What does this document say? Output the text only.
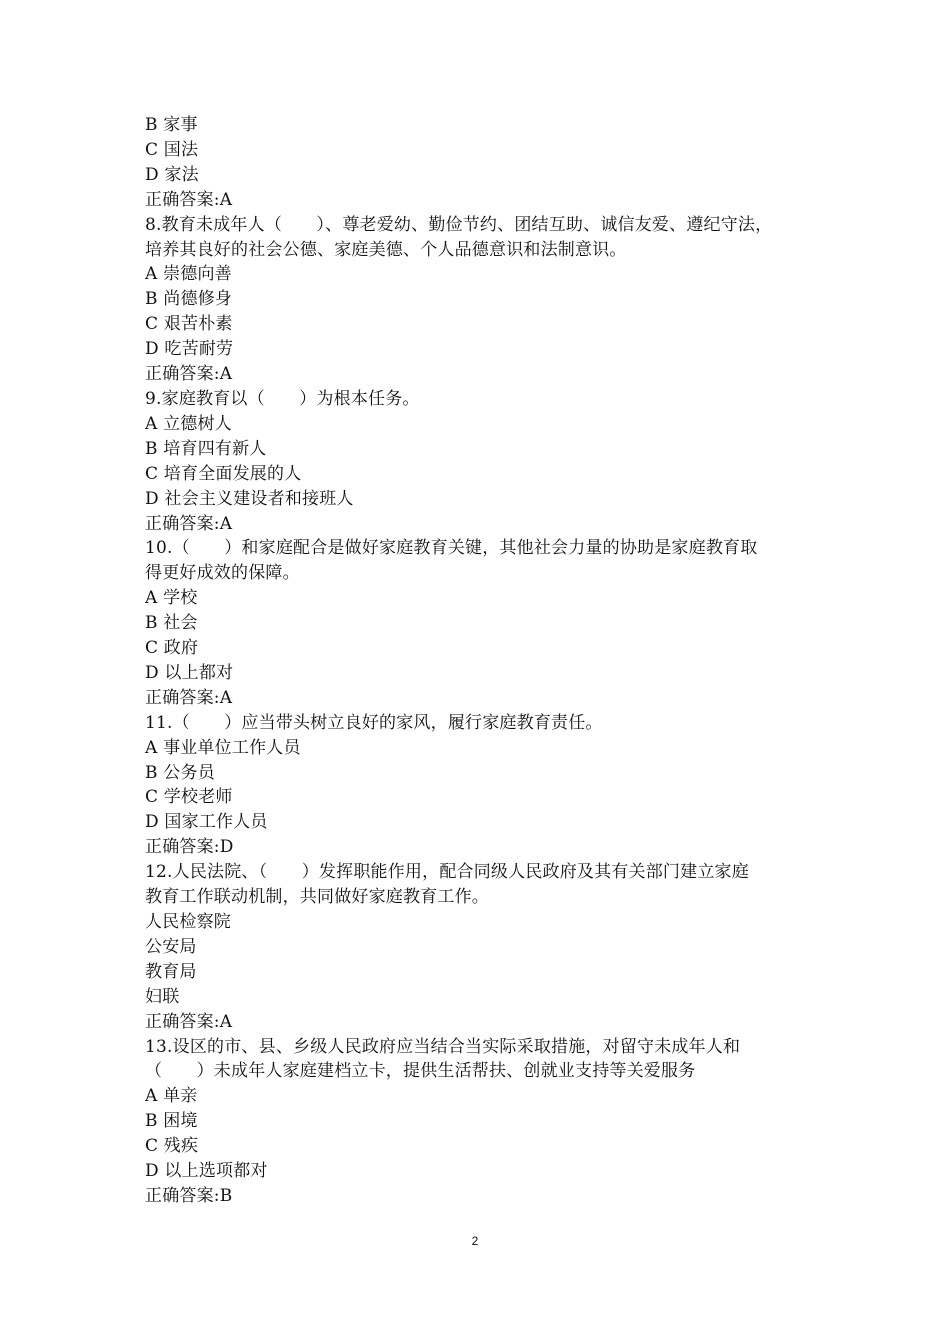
B 家事
C 国法
D 家法
正确答案:A
8.教育未成年人（　　）、尊老爱幼、勤俭节约、团结互助、诚信友爱、遵纪守法，
培养其良好的社会公德、家庭美德、个人品德意识和法制意识。
A 崇德向善
B 尚德修身
C 艰苦朴素
D 吃苦耐劳
正确答案:A
9.家庭教育以（　　）为根本任务。
A 立德树人
B 培育四有新人
C 培育全面发展的人
D 社会主义建设者和接班人
正确答案:A
10.（　　）和家庭配合是做好家庭教育关键，其他社会力量的协助是家庭教育取
得更好成效的保障。
A 学校
B 社会
C 政府
D 以上都对
正确答案:A
11.（　　）应当带头树立良好的家风，履行家庭教育责任。
A 事业单位工作人员
B 公务员
C 学校老师
D 国家工作人员
正确答案:D
12.人民法院、（　　）发挥职能作用，配合同级人民政府及其有关部门建立家庭
教育工作联动机制，共同做好家庭教育工作。
人民检察院
公安局
教育局
妇联
正确答案:A
13.设区的市、县、乡级人民政府应当结合当实际采取措施，对留守未成年人和
（　　）未成年人家庭建档立卡，提供生活帮扶、创就业支持等关爱服务
A 单亲
B 困境
C 残疾
D 以上选项都对
正确答案:B
2
